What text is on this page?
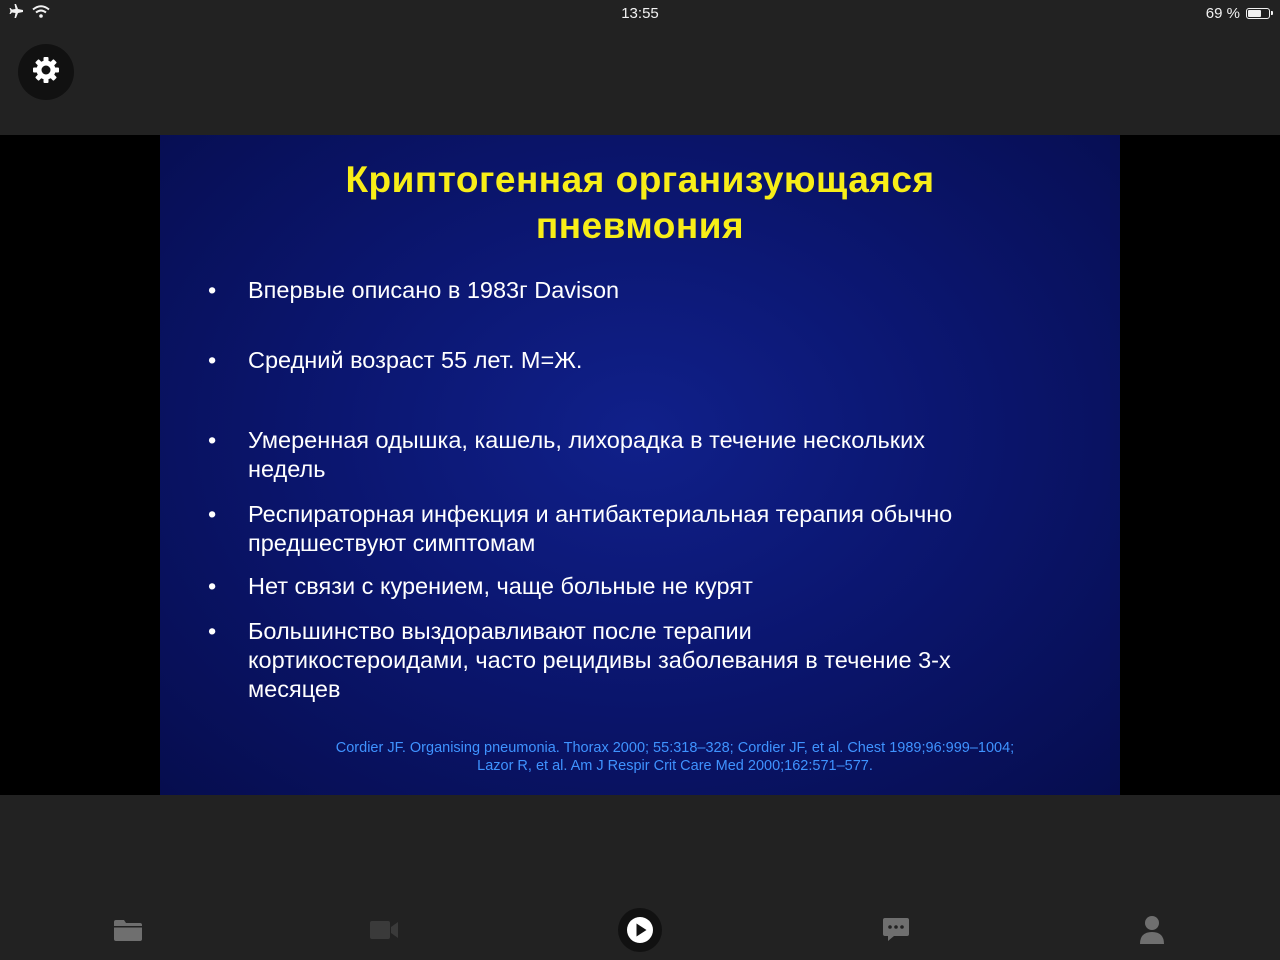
13:55	69 %
Криптогенная организующаяся
пневмония
•	Впервые описано в 1983г Davison
•	Средний возраст 55 лет. М=Ж.
•	Умеренная одышка, кашель, лихорадка в течение нескольких
недель
•	Респираторная инфекция и антибактериальная терапия обычно
предшествуют симптомам
•	Нет связи с курением, чаще больные не курят
•	Большинство выздоравливают после терапии
кортикостероидами, часто рецидивы заболевания в течение 3-х
месяцев
Cordier JF. Organising pneumonia. Thorax 2000; 55:318–328; Cordier JF, et al. Chest 1989;96:999–1004;
Lazor R, et al. Am J Respir Crit Care Med 2000;162:571–577.
